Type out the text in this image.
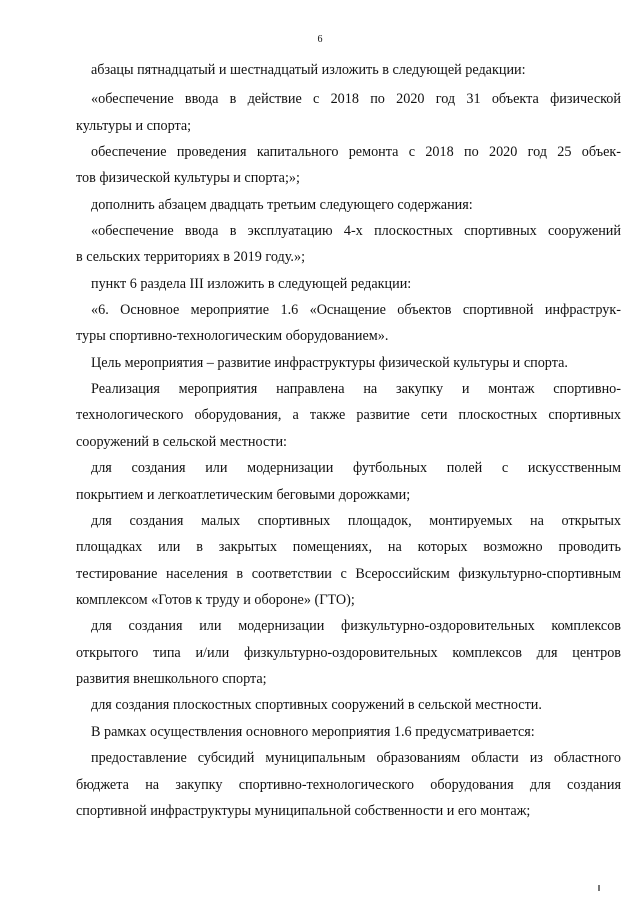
6
абзацы пятнадцатый и шестнадцатый изложить в следующей редакции:
«обеспечение ввода в действие с 2018 по 2020 год 31 объекта физической
культуры и спорта;
обеспечение проведения капитального ремонта с 2018 по 2020 год 25 объек-
тов физической культуры и спорта;»;
дополнить абзацем двадцать третьим следующего содержания:
«обеспечение ввода в эксплуатацию 4-х плоскостных спортивных сооружений
в сельских территориях в 2019 году.»;
пункт 6 раздела III изложить в следующей редакции:
«6. Основное мероприятие 1.6 «Оснащение объектов спортивной инфраструк-
туры спортивно-технологическим оборудованием».
Цель мероприятия – развитие инфраструктуры физической культуры и спорта.
Реализация мероприятия направлена на закупку и монтаж спортивно-
технологического оборудования, а также развитие сети плоскостных спортивных
сооружений в сельской местности:
для создания или модернизации футбольных полей с искусственным
покрытием и легкоатлетическим беговыми дорожками;
для создания малых спортивных площадок, монтируемых на открытых
площадках или в закрытых помещениях, на которых возможно проводить
тестирование населения в соответствии с Всероссийским физкультурно-спортивным
комплексом «Готов к труду и обороне» (ГТО);
для создания или модернизации физкультурно-оздоровительных комплексов
открытого типа и/или физкультурно-оздоровительных комплексов для центров
развития внешкольного спорта;
для создания плоскостных спортивных сооружений в сельской местности.
В рамках осуществления основного мероприятия 1.6 предусматривается:
предоставление субсидий муниципальным образованиям области из областного
бюджета на закупку спортивно-технологического оборудования для создания
спортивной инфраструктуры муниципальной собственности и его монтаж;
